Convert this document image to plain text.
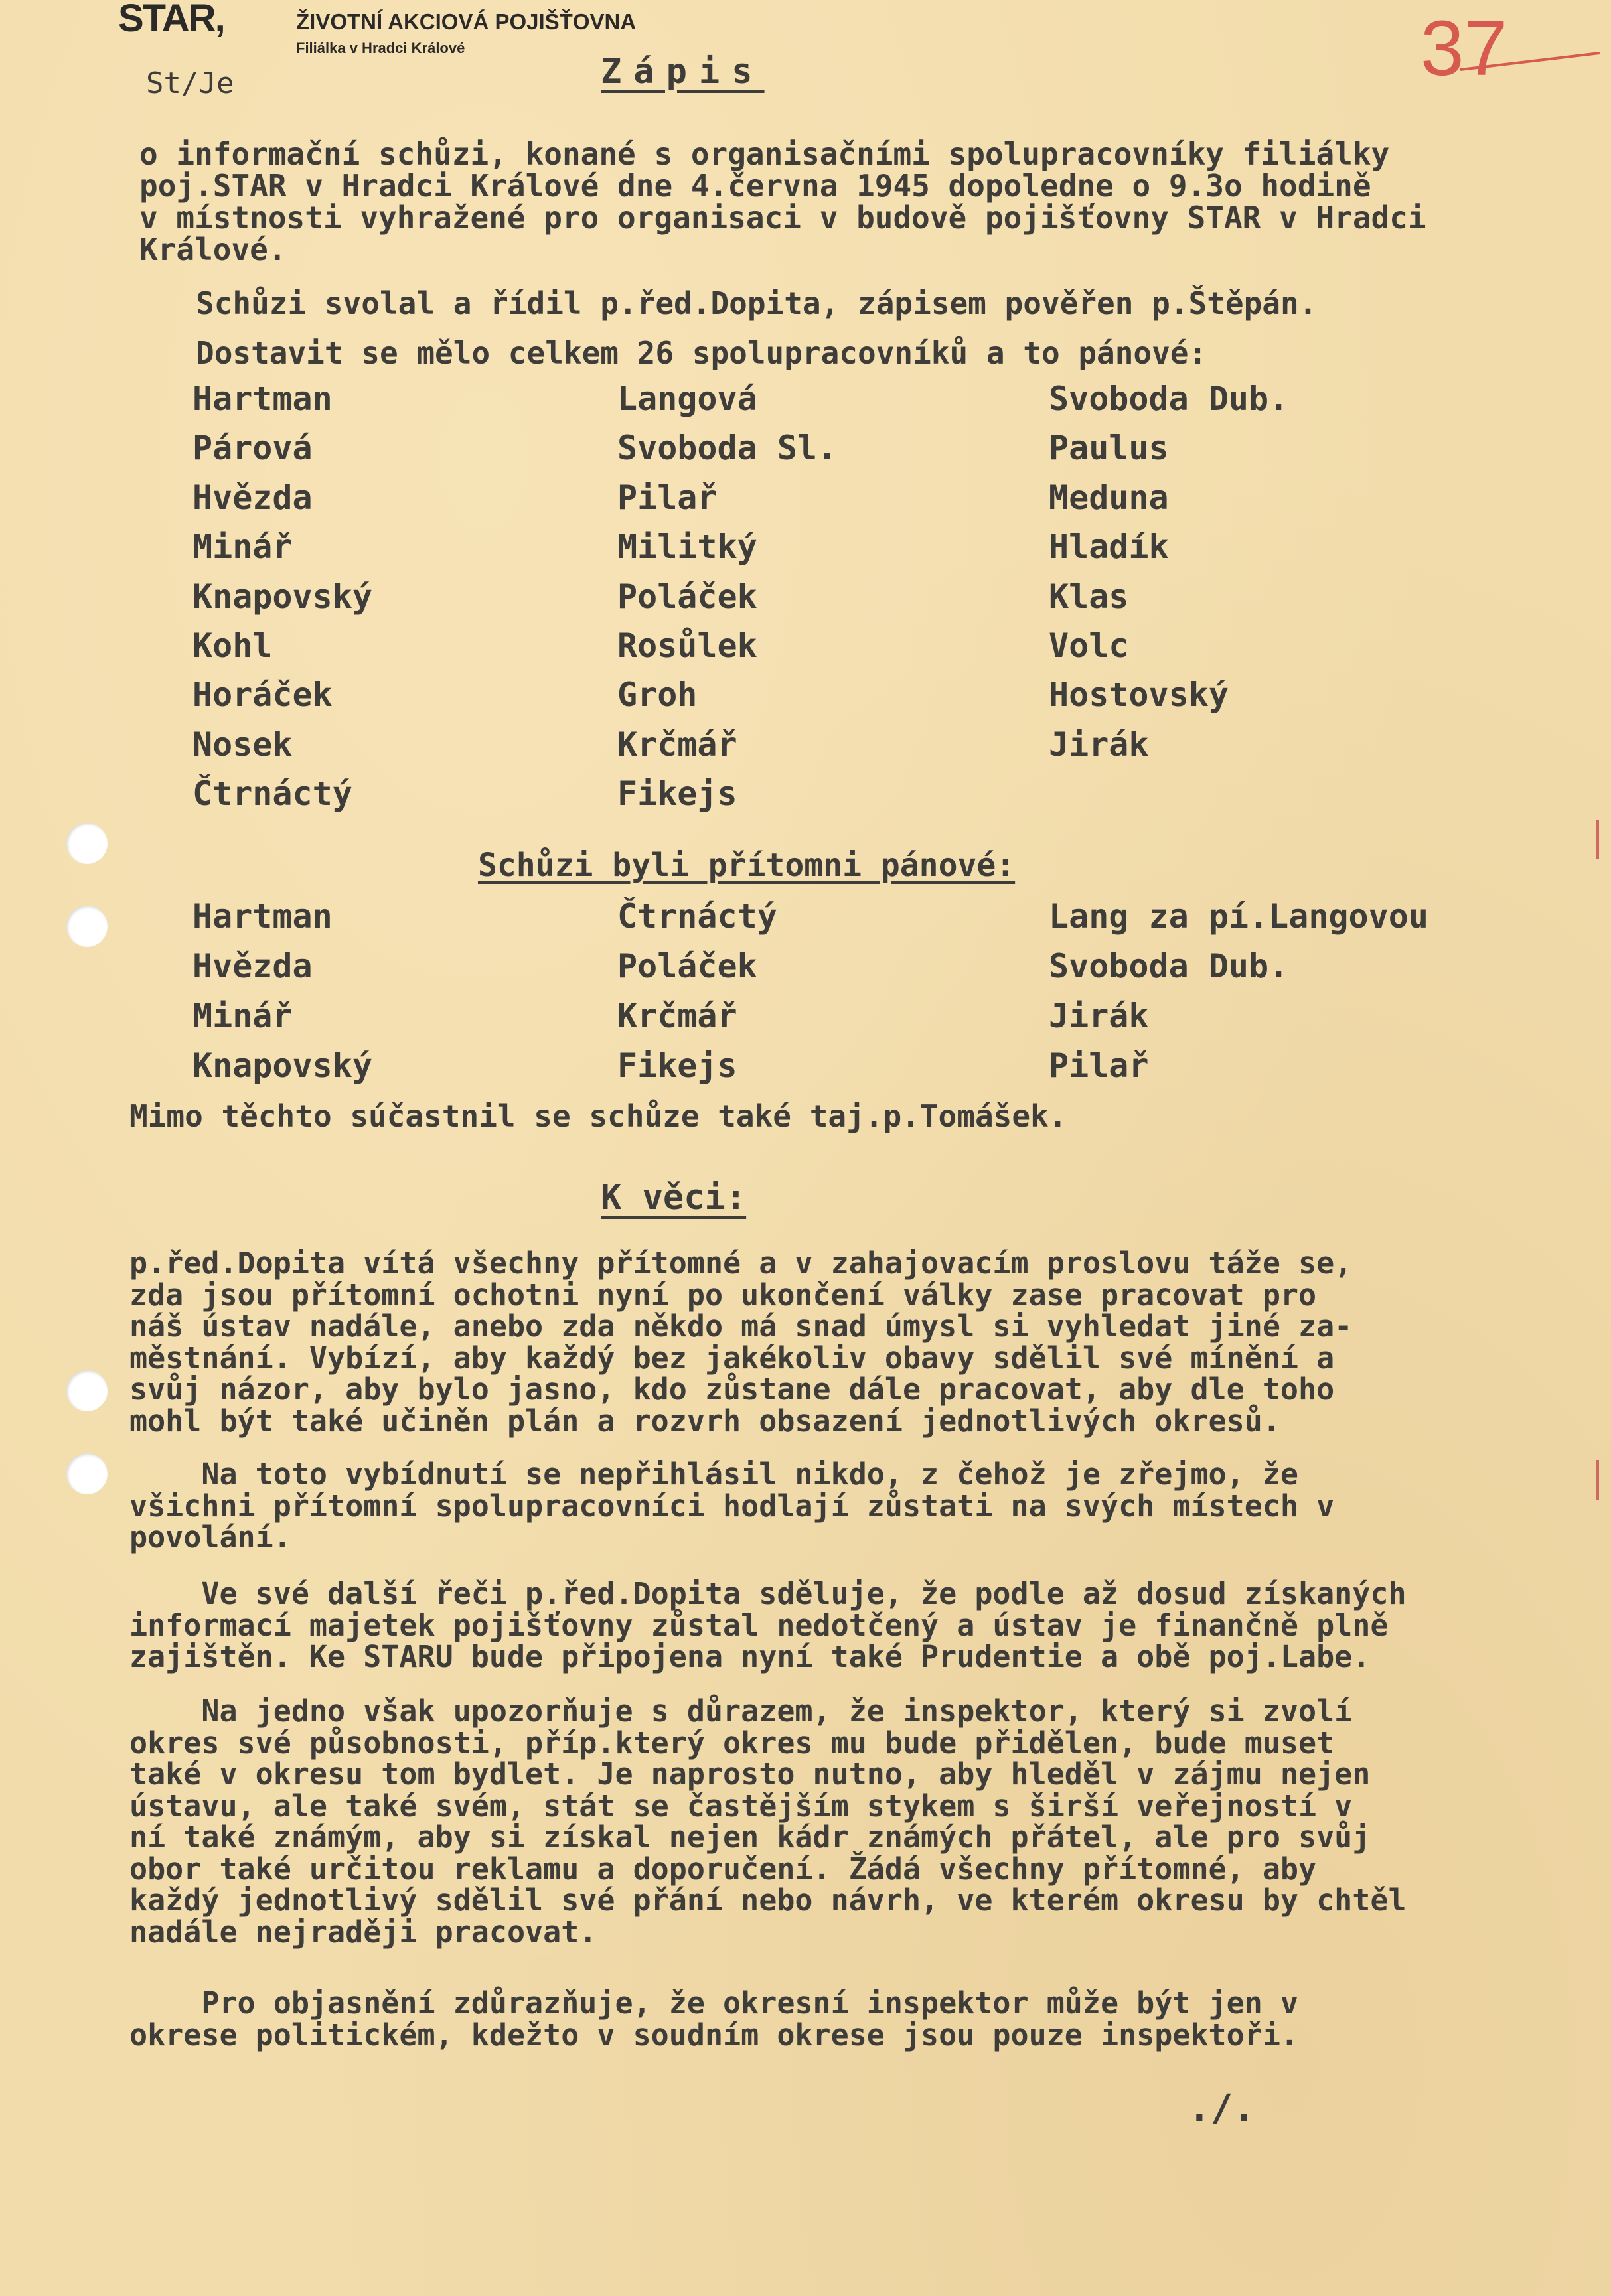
STAR,	ŽIVOTNÍ AKCIOVÁ POJIŠŤOVNA
Filiálka v Hradci Králové	37
St/Je	Zápis
o informační schůzi, konané s organisačními spolupracovníky filiálky
poj.STAR v Hradci Králové dne 4.června 1945 dopoledne o 9.3o hodině
v místnosti vyhražené pro organisaci v budově pojišťovny STAR v Hradci
Králové.
Schůzi svolal a řídil p.řed.Dopita, zápisem pověřen p.Štěpán.
Dostavit se mělo celkem 26 spolupracovníků a to pánové:
Hartman	Langová	Svoboda Dub.
Párová	Svoboda Sl.	Paulus
Hvězda	Pilař	Meduna
Minář	Militký	Hladík
Knapovský	Poláček	Klas
Kohl	Rosůlek	Volc
Horáček	Groh	Hostovský
Nosek	Krčmář	Jirák
Čtrnáctý	Fikejs
Schůzi byli přítomni pánové:
Hartman	Čtrnáctý	Lang za pí.Langovou
Hvězda	Poláček	Svoboda Dub.
Minář	Krčmář	Jirák
Knapovský	Fikejs	Pilař
Mimo těchto súčastnil se schůze také taj.p.Tomášek.
K věci:
p.řed.Dopita vítá všechny přítomné a v zahajovacím proslovu táže se,
zda jsou přítomní ochotni nyní po ukončení války zase pracovat pro
náš ústav nadále, anebo zda někdo má snad úmysl si vyhledat jiné za-
městnání. Vybízí, aby každý bez jakékoliv obavy sdělil své mínění a
svůj názor, aby bylo jasno, kdo zůstane dále pracovat, aby dle toho
mohl být také učiněn plán a rozvrh obsazení jednotlivých okresů.
Na toto vybídnutí se nepřihlásil nikdo, z čehož je zřejmo, že
všichni přítomní spolupracovníci hodlají zůstati na svých místech v
povolání.
Ve své další řeči p.řed.Dopita sděluje, že podle až dosud získaných
informací majetek pojišťovny zůstal nedotčený a ústav je finančně plně
zajištěn. Ke STARU bude připojena nyní také Prudentie a obě poj.Labe.
Na jedno však upozorňuje s důrazem, že inspektor, který si zvolí
okres své působnosti, příp.který okres mu bude přidělen, bude muset
také v okresu tom bydlet. Je naprosto nutno, aby hleděl v zájmu nejen
ústavu, ale také svém, stát se častějším stykem s širší veřejností v
ní také známým, aby si získal nejen kádr známých přátel, ale pro svůj
obor také určitou reklamu a doporučení. Žádá všechny přítomné, aby
každý jednotlivý sdělil své přání nebo návrh, ve kterém okresu by chtěl
nadále nejraději pracovat.
Pro objasnění zdůrazňuje, že okresní inspektor může být jen v
okrese politickém, kdežto v soudním okrese jsou pouze inspektoři.
./.
